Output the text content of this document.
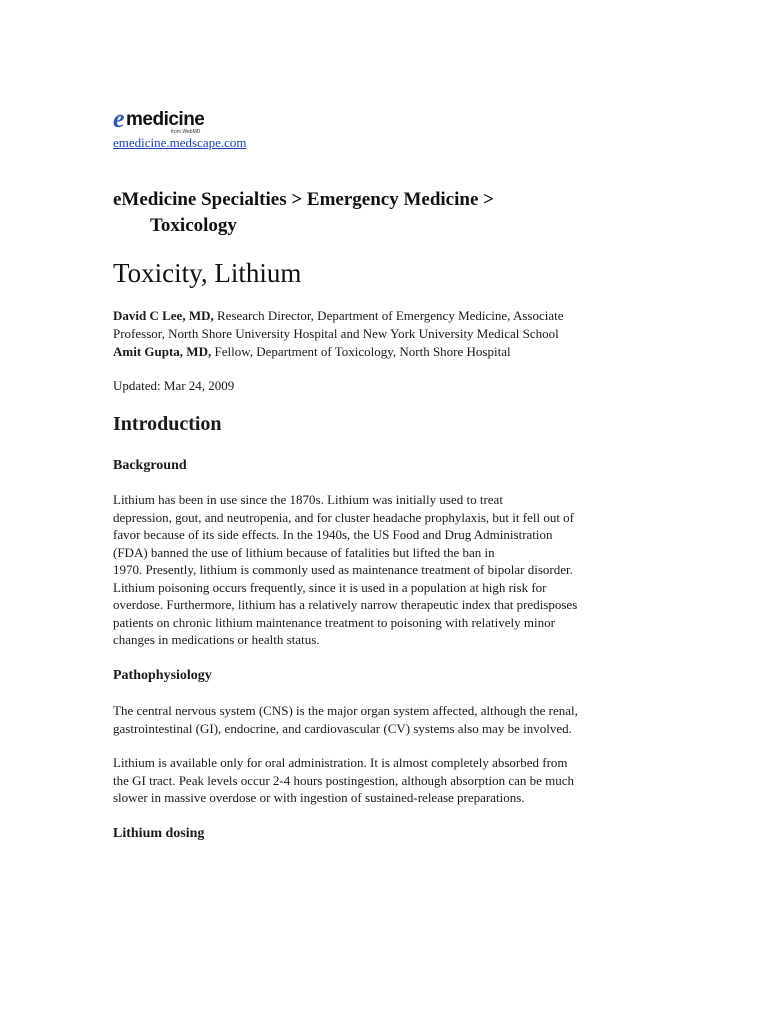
e medicine
from WebMD
emedicine.medscape.com
eMedicine Specialties > Emergency Medicine >
Toxicology
Toxicity, Lithium
David C Lee, MD, Research Director, Department of Emergency Medicine, Associate
Professor, North Shore University Hospital and New York University Medical School
Amit Gupta, MD, Fellow, Department of Toxicology, North Shore Hospital
Updated: Mar 24, 2009
Introduction
Background

Lithium has been in use since the 1870s. Lithium was initially used to treat
depression, gout, and neutropenia, and for cluster headache prophylaxis, but it fell out of
favor because of its side effects. In the 1940s, the US Food and Drug Administration
(FDA) banned the use of lithium because of fatalities but lifted the ban in
1970. Presently, lithium is commonly used as maintenance treatment of bipolar disorder.
Lithium poisoning occurs frequently, since it is used in a population at high risk for
overdose. Furthermore, lithium has a relatively narrow therapeutic index that predisposes
patients on chronic lithium maintenance treatment to poisoning with relatively minor
changes in medications or health status.

Pathophysiology

The central nervous system (CNS) is the major organ system affected, although the renal,
gastrointestinal (GI), endocrine, and cardiovascular (CV) systems also may be involved.

Lithium is available only for oral administration. It is almost completely absorbed from
the GI tract. Peak levels occur 2-4 hours postingestion, although absorption can be much
slower in massive overdose or with ingestion of sustained-release preparations.

Lithium dosing
